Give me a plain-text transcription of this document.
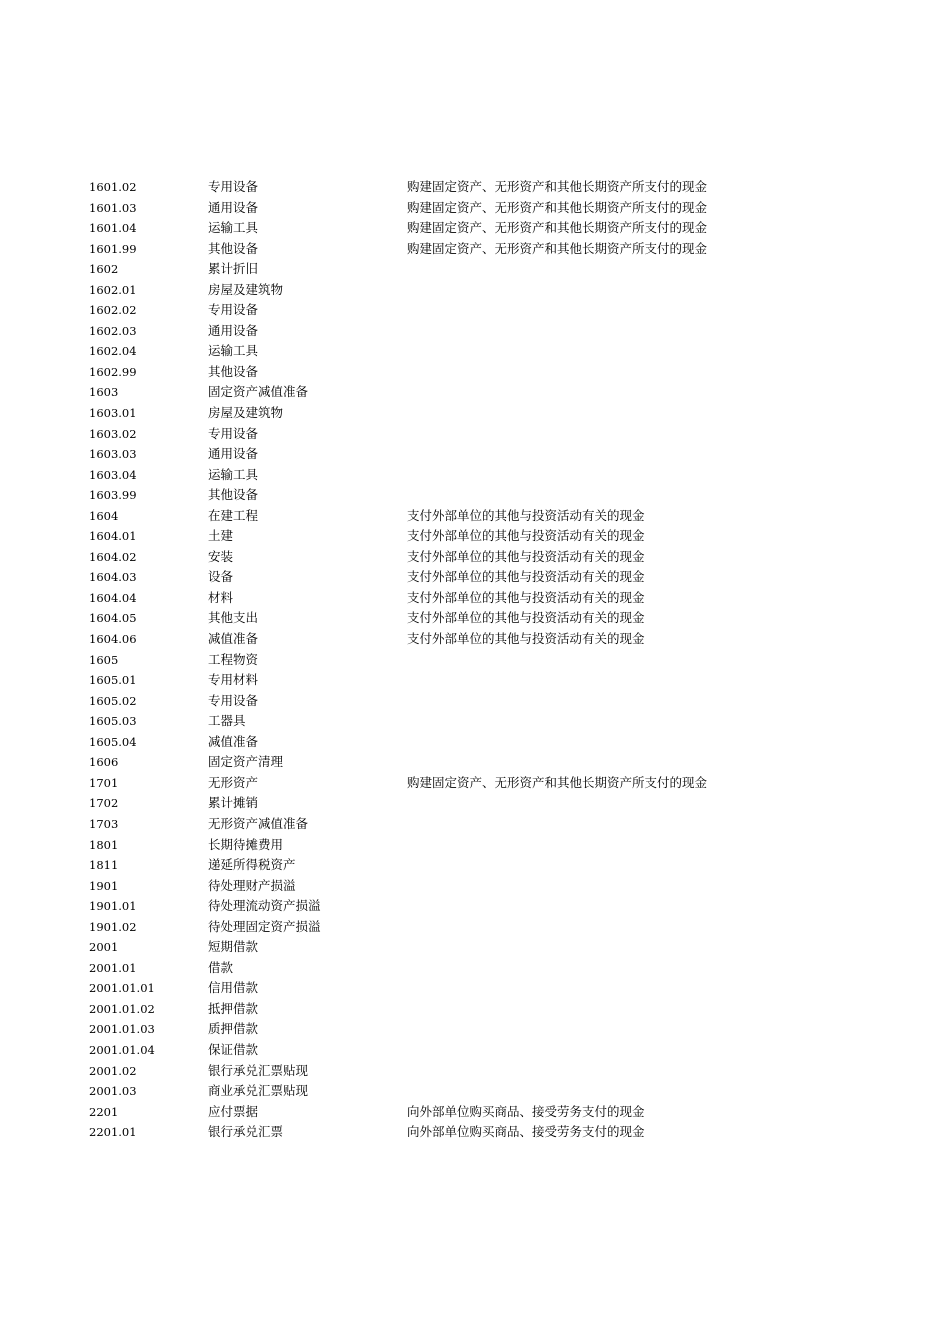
1601.02	专用设备	购建固定资产、无形资产和其他长期资产所支付的现金
1601.03	通用设备	购建固定资产、无形资产和其他长期资产所支付的现金
1601.04	运输工具	购建固定资产、无形资产和其他长期资产所支付的现金
1601.99	其他设备	购建固定资产、无形资产和其他长期资产所支付的现金
1602	累计折旧
1602.01	房屋及建筑物
1602.02	专用设备
1602.03	通用设备
1602.04	运输工具
1602.99	其他设备
1603	固定资产减值准备
1603.01	房屋及建筑物
1603.02	专用设备
1603.03	通用设备
1603.04	运输工具
1603.99	其他设备
1604	在建工程	支付外部单位的其他与投资活动有关的现金
1604.01	土建	支付外部单位的其他与投资活动有关的现金
1604.02	安装	支付外部单位的其他与投资活动有关的现金
1604.03	设备	支付外部单位的其他与投资活动有关的现金
1604.04	材料	支付外部单位的其他与投资活动有关的现金
1604.05	其他支出	支付外部单位的其他与投资活动有关的现金
1604.06	减值准备	支付外部单位的其他与投资活动有关的现金
1605	工程物资
1605.01	专用材料
1605.02	专用设备
1605.03	工器具
1605.04	减值准备
1606	固定资产清理
1701	无形资产	购建固定资产、无形资产和其他长期资产所支付的现金
1702	累计摊销
1703	无形资产减值准备
1801	长期待摊费用
1811	递延所得税资产
1901	待处理财产损溢
1901.01	待处理流动资产损溢
1901.02	待处理固定资产损溢
2001	短期借款
2001.01	借款
2001.01.01	信用借款
2001.01.02	抵押借款
2001.01.03	质押借款
2001.01.04	保证借款
2001.02	银行承兑汇票贴现
2001.03	商业承兑汇票贴现
2201	应付票据	向外部单位购买商品、接受劳务支付的现金
2201.01	银行承兑汇票	向外部单位购买商品、接受劳务支付的现金
